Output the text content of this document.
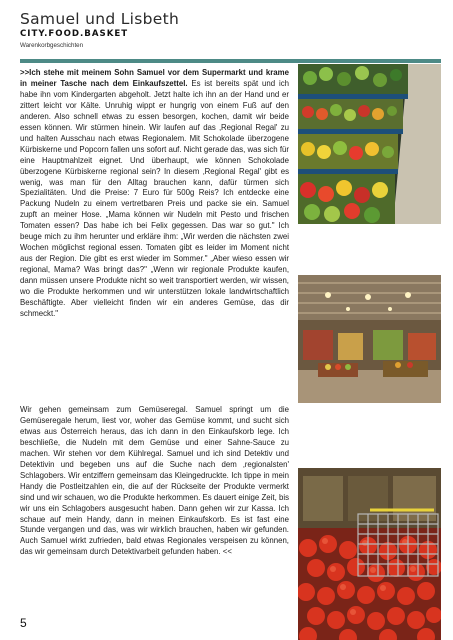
Samuel und Lisbeth
CITY.FOOD.BASKET
Warenkorbgeschichten

>>Ich stehe mit meinem Sohn Samuel vor dem Supermarkt und krame in meiner Tasche nach dem Einkaufszettel. Es ist bereits spät und ich habe ihn vom Kindergarten abgeholt. Jetzt halte ich ihn an der Hand und er zittert leicht vor Kälte. Unruhig wippt er hungrig von einem Fuß auf den anderen. Also schnell etwas zu essen besorgen, kochen, damit wir beide essen können. Wir stürmen hinein. Wir laufen auf das ‚Regional Regal' zu und halten Ausschau nach etwas Regionalem. Mit Schokolade überzogene Kürbiskerne und Popcorn fallen uns sofort auf. Nicht gerade das, was sich für eine Hauptmahlzeit eignet. Und überhaupt, wie können Schokolade überzogene Kürbiskerne regional sein? In diesem ‚Regional Regal' gibt es wenig, was man für den Alltag brauchen kann, dafür türmen sich Spezialitäten. Und die Preise: 7 Euro für 500g Reis? Ich entdecke eine Packung Nudeln zu einem vertretbaren Preis und packe sie ein. Samuel zupft an meiner Hose. „Mama können wir Nudeln mit Pesto und frischen Tomaten essen? Das habe ich bei Felix gegessen. Das war so gut." Ich beuge mich zu ihm herunter und erkläre ihm: „Wir werden die nächsten zwei Wochen möglichst regional essen. Tomaten gibt es leider im Moment nicht aus der Region. Die gibt es erst wieder im Sommer." „Aber wieso essen wir regional, Mama? Was bringt das?" „Wenn wir regionale Produkte kaufen, dann müssen unsere Produkte nicht so weit transportiert werden, wir wissen, wo die Produkte herkommen und wir unterstützen lokale landwirtschaftlich Beschäftigte. Aber vielleicht finden wir ein anderes Gemüse, das dir schmeckt."

Wir gehen gemeinsam zum Gemüseregal. Samuel springt um die Gemüseregale herum, liest vor, woher das Gemüse kommt, und sucht sich etwas aus Österreich heraus, das ich dann in den Einkaufskorb lege. Ich beschließe, die Nudeln mit dem Gemüse und einer Sahne-Sauce zu machen. Wir stehen vor dem Kühlregal. Samuel und ich sind Detektiv und Detektivin und begeben uns auf die Suche nach dem ‚regionalsten' Schlagobers. Wir entziffern gemeinsam das Kleingedruckte. Ich tippe in mein Handy die Postleitzahlen ein, die auf der Rückseite der Produkte vermerkt sind und wir schauen, wo die Produkte herkommen. Es dauert einige Zeit, bis wir uns ein Schlagobers ausgesucht haben. Dann gehen wir zur Kassa. Ich schaue auf mein Handy, dann in meinen Einkaufskorb. Es ist fast eine Stunde vergangen und das, was wir wirklich brauchen, haben wir gefunden. Auch Samuel wirkt zufrieden, bald etwas Regionales verspeisen zu können, das wir gemeinsam durch Detektivarbeit gefunden haben. <<

5
